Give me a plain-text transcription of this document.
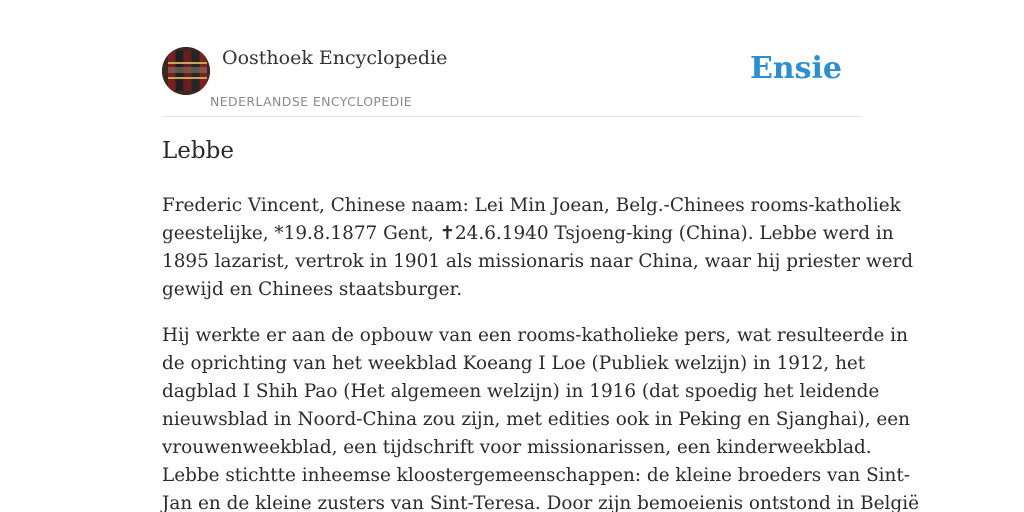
Oosthoek Encyclopedie
NEDERLANDSE ENCYCLOPEDIE
Ensie
Lebbe

Frederic Vincent, Chinese naam: Lei Min Joean, Belg.-Chinees rooms-katholiek
geestelijke, *19.8.1877 Gent, ✝24.6.1940 Tsjoeng-king (China). Lebbe werd in
1895 lazarist, vertrok in 1901 als missionaris naar China, waar hij priester werd
gewijd en Chinees staatsburger.

Hij werkte er aan de opbouw van een rooms-katholieke pers, wat resulteerde in
de oprichting van het weekblad Koeang I Loe (Publiek welzijn) in 1912, het
dagblad I Shih Pao (Het algemeen welzijn) in 1916 (dat spoedig het leidende
nieuwsblad in Noord-China zou zijn, met edities ook in Peking en Sjanghai), een
vrouwenweekblad, een tijdschrift voor missionarissen, een kinderweekblad.
Lebbe stichtte inheemse kloostergemeenschappen: de kleine broeders van Sint-
Jan en de kleine zusters van Sint-Teresa. Door zijn bemoeienis ontstond in België
